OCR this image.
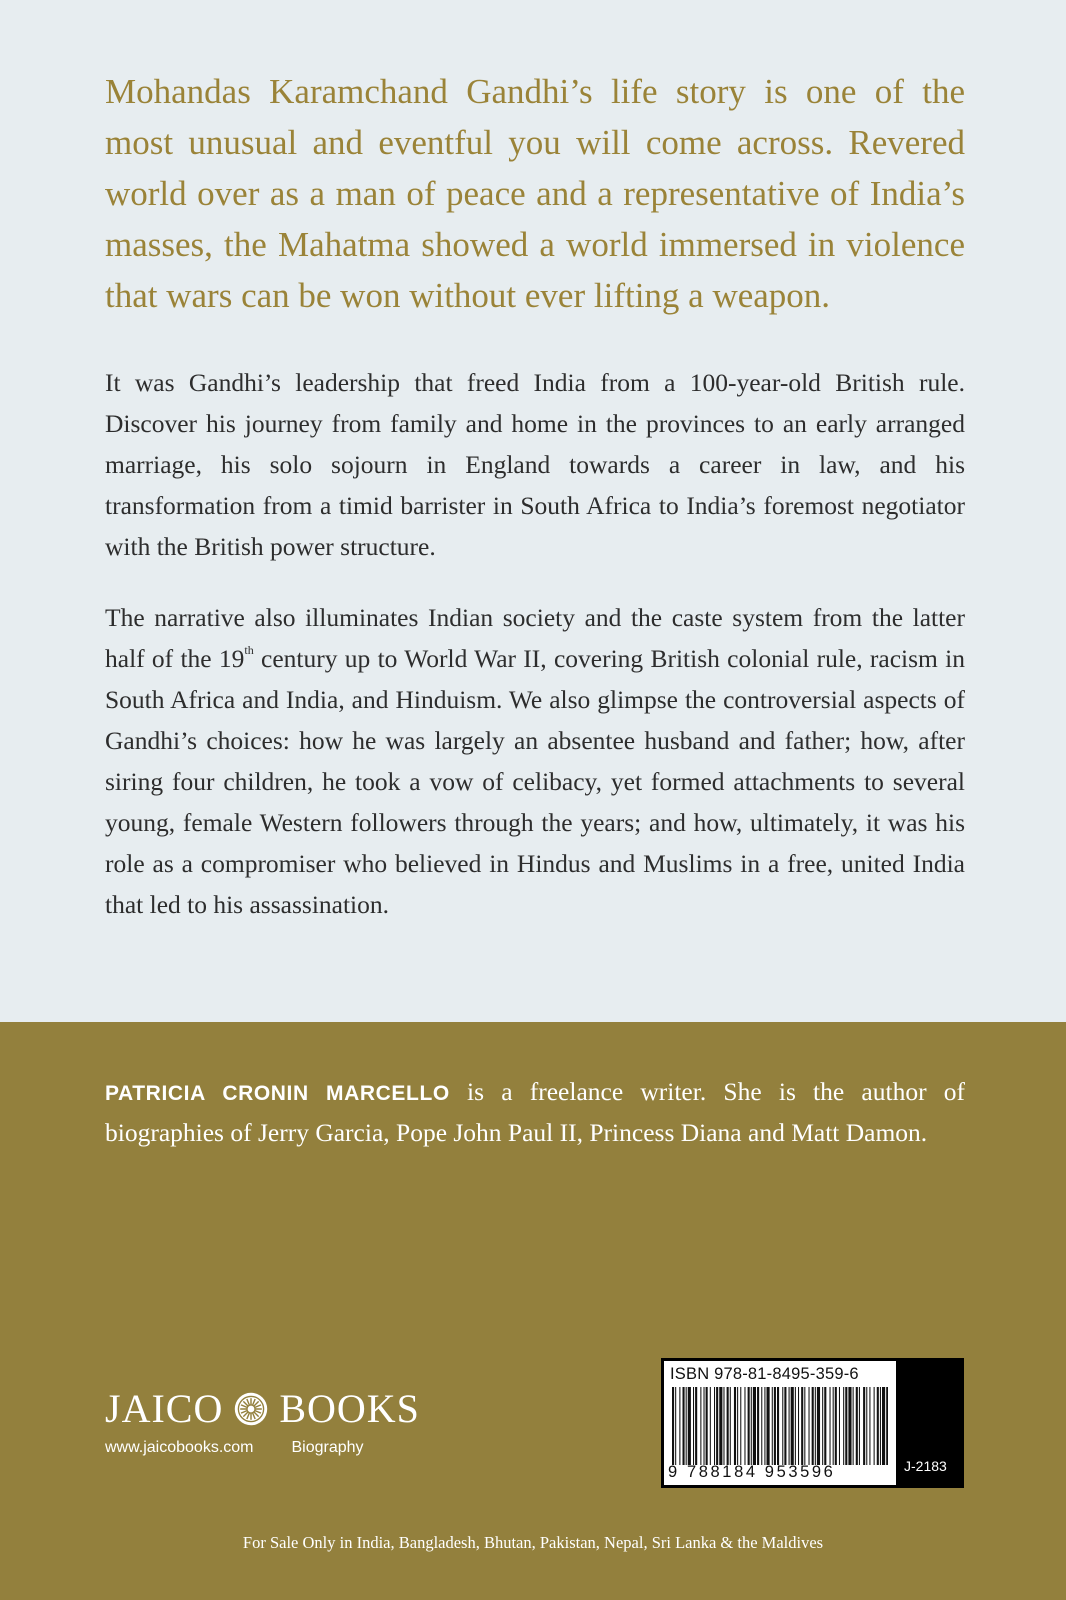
Mohandas Karamchand Gandhi’s life story is one of the most unusual and eventful you will come across. Revered world over as a man of peace and a representative of India’s masses, the Mahatma showed a world immersed in violence that wars can be won without ever lifting a weapon.

It was Gandhi’s leadership that freed India from a 100-year-old British rule. Discover his journey from family and home in the provinces to an early arranged marriage, his solo sojourn in England towards a career in law, and his transformation from a timid barrister in South Africa to India’s foremost negotiator with the British power structure.

The narrative also illuminates Indian society and the caste system from the latter half of the 19th century up to World War II, covering British colonial rule, racism in South Africa and India, and Hinduism. We also glimpse the controversial aspects of Gandhi’s choices: how he was largely an absentee husband and father; how, after siring four children, he took a vow of celibacy, yet formed attachments to several young, female Western followers through the years; and how, ultimately, it was his role as a compromiser who believed in Hindus and Muslims in a free, united India that led to his assassination.

PATRICIA CRONIN MARCELLO is a freelance writer. She is the author of biographies of Jerry Garcia, Pope John Paul II, Princess Diana and Matt Damon.

JAICO BOOKS
www.jaicobooks.com Biography
ISBN 978-81-8495-359-6
9 788184 953596	J-2183
For Sale Only in India, Bangladesh, Bhutan, Pakistan, Nepal, Sri Lanka & the Maldives
